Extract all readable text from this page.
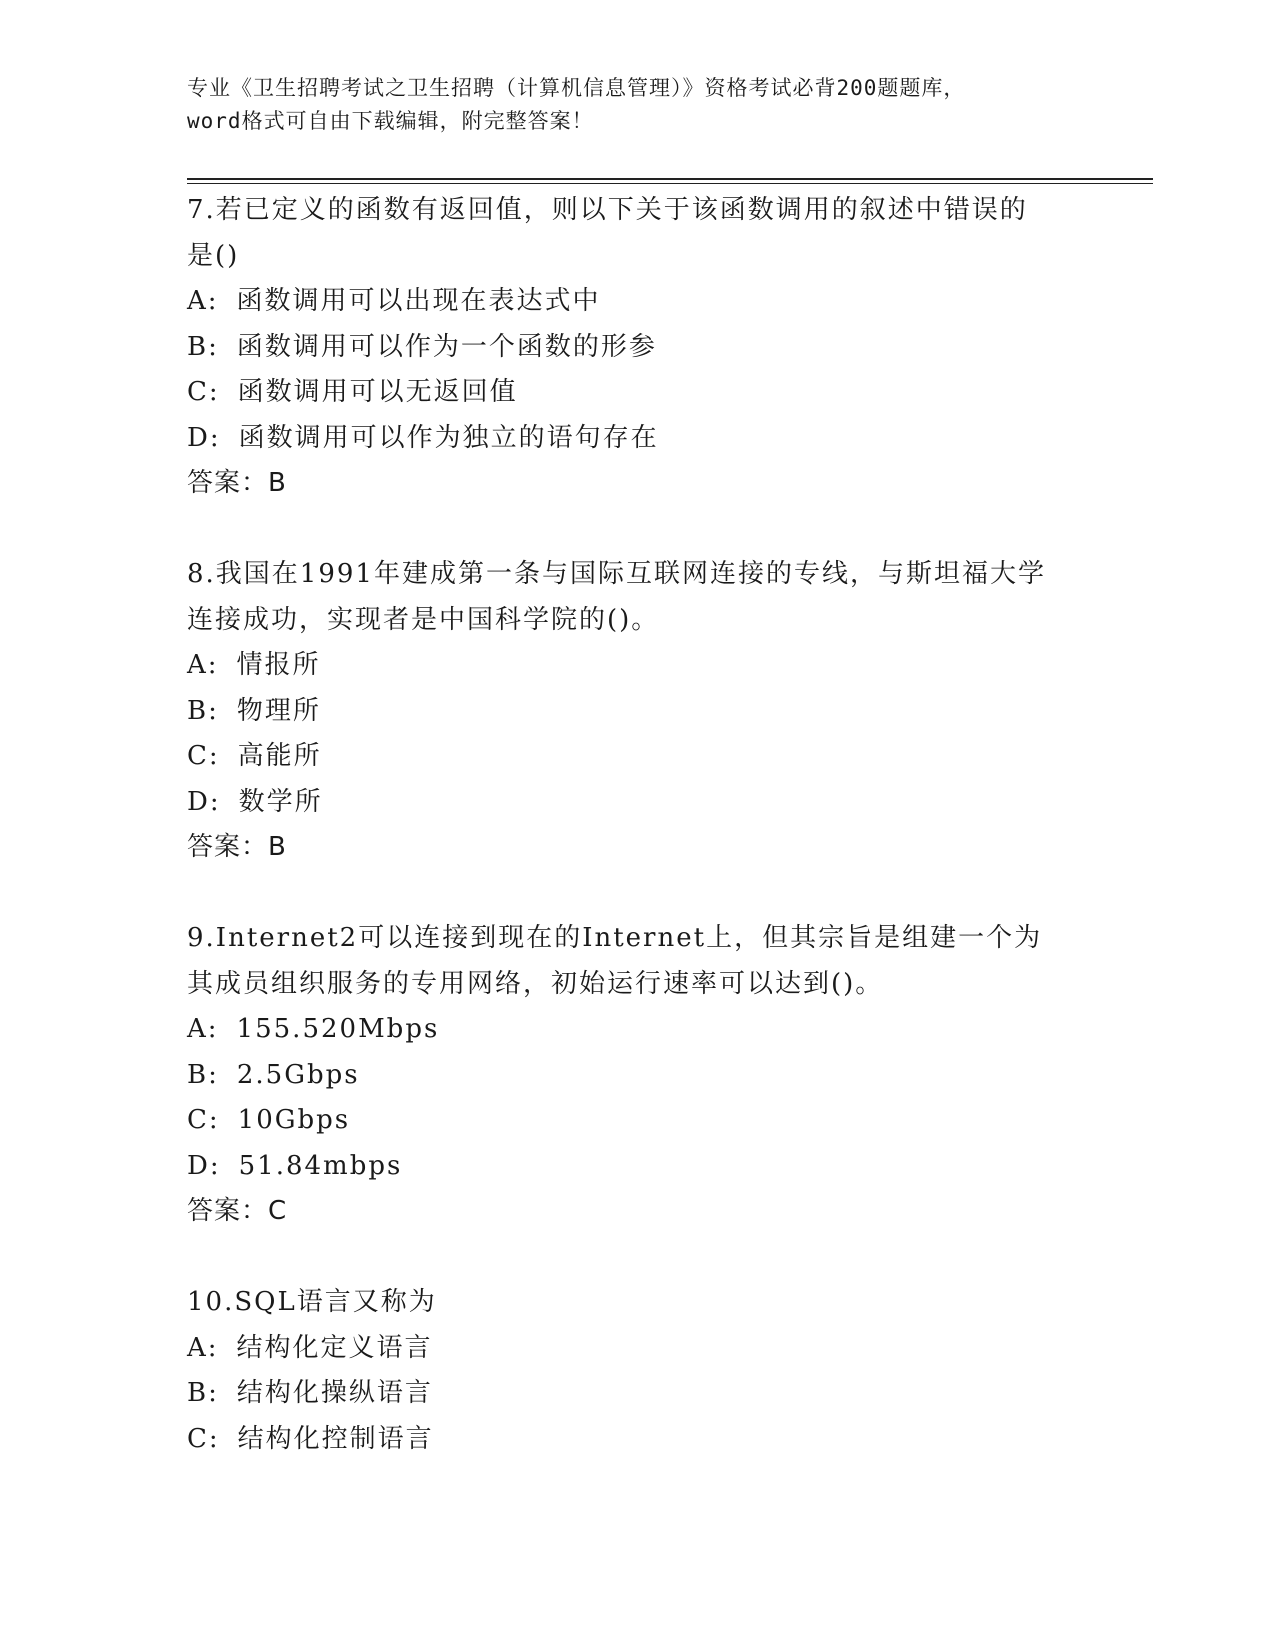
专业《卫生招聘考试之卫生招聘（计算机信息管理）》资格考试必背200题题库，
word格式可自由下载编辑，附完整答案！
7.若已定义的函数有返回值，则以下关于该函数调用的叙述中错误的
是()
A: 函数调用可以出现在表达式中
B: 函数调用可以作为一个函数的形参
C: 函数调用可以无返回值
D: 函数调用可以作为独立的语句存在
答案：B
8.我国在1991年建成第一条与国际互联网连接的专线，与斯坦福大学
连接成功，实现者是中国科学院的()。
A: 情报所
B: 物理所
C: 高能所
D: 数学所
答案：B
9.Internet2可以连接到现在的Internet上，但其宗旨是组建一个为
其成员组织服务的专用网络，初始运行速率可以达到()。
A: 155.520Mbps
B: 2.5Gbps
C: 10Gbps
D: 51.84mbps
答案：C
10.SQL语言又称为
A: 结构化定义语言
B: 结构化操纵语言
C: 结构化控制语言
